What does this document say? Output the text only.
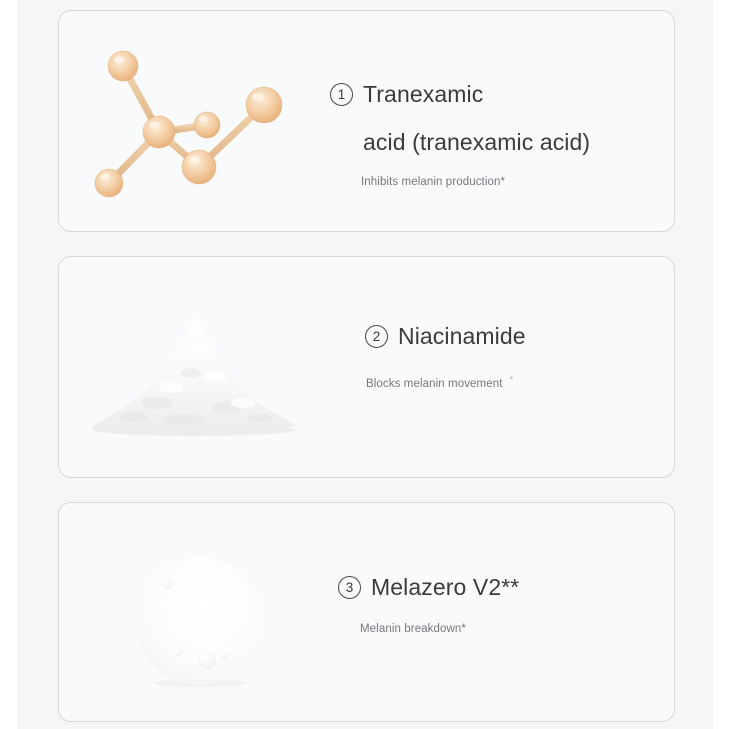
1 Tranexamic
acid (tranexamic acid)

Inhibits melanin production*

2 Niacinamide

Blocks melanin movement *

3 Melazero V2**

Melanin breakdown*
